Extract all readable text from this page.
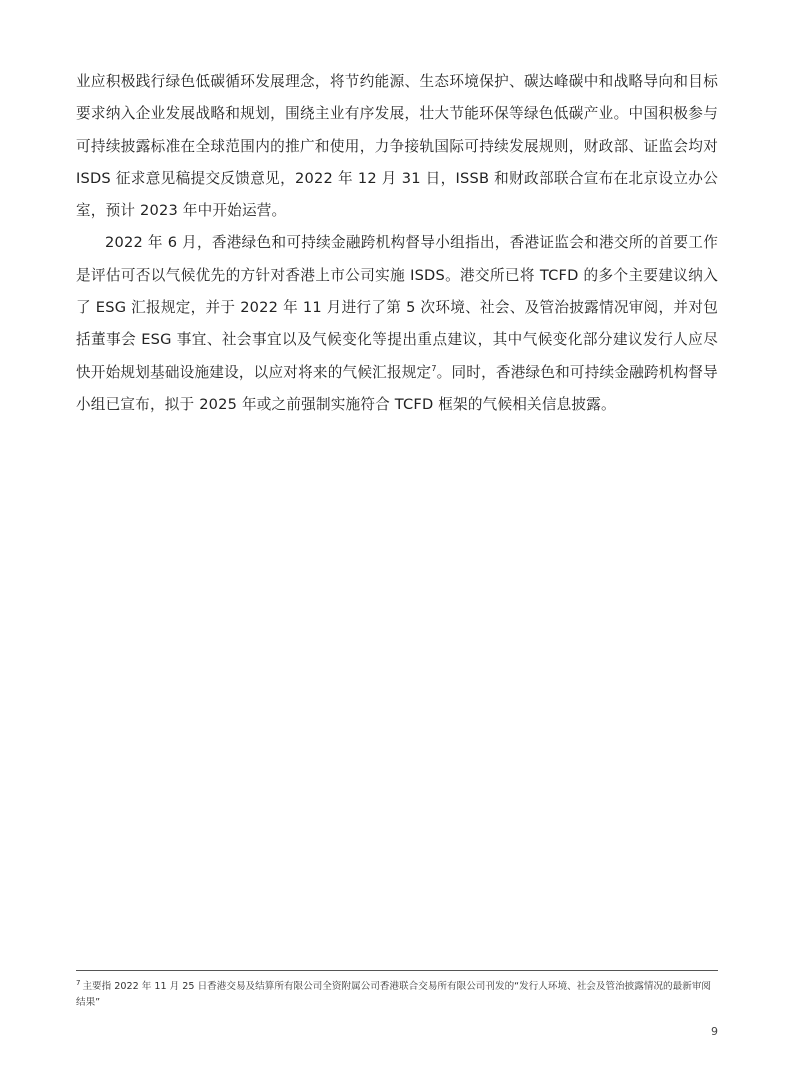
业应积极践行绿色低碳循环发展理念，将节约能源、生态环境保护、碳达峰碳中和战略导向和目标要求纳入企业发展战略和规划，围绕主业有序发展，壮大节能环保等绿色低碳产业。中国积极参与可持续披露标准在全球范围内的推广和使用，力争接轨国际可持续发展规则，财政部、证监会均对 ISDS 征求意见稿提交反馈意见，2022 年 12 月 31 日，ISSB 和财政部联合宣布在北京设立办公室，预计 2023 年中开始运营。

2022 年 6 月，香港绿色和可持续金融跨机构督导小组指出，香港证监会和港交所的首要工作是评估可否以气候优先的方针对香港上市公司实施 ISDS。港交所已将 TCFD 的多个主要建议纳入了 ESG 汇报规定，并于 2022 年 11 月进行了第 5 次环境、社会、及管治披露情况审阅，并对包括董事会 ESG 事宜、社会事宜以及气候变化等提出重点建议，其中气候变化部分建议发行人应尽快开始规划基础设施建设，以应对将来的气候汇报规定$^7$。同时，香港绿色和可持续金融跨机构督导小组已宣布，拟于 2025 年或之前强制实施符合 TCFD 框架的气候相关信息披露。

$^7$ 主要指 2022 年 11 月 25 日香港交易及结算所有限公司全资附属公司香港联合交易所有限公司刊发的“发行人环境、社会及管治披露情况的最新审阅结果”

9
